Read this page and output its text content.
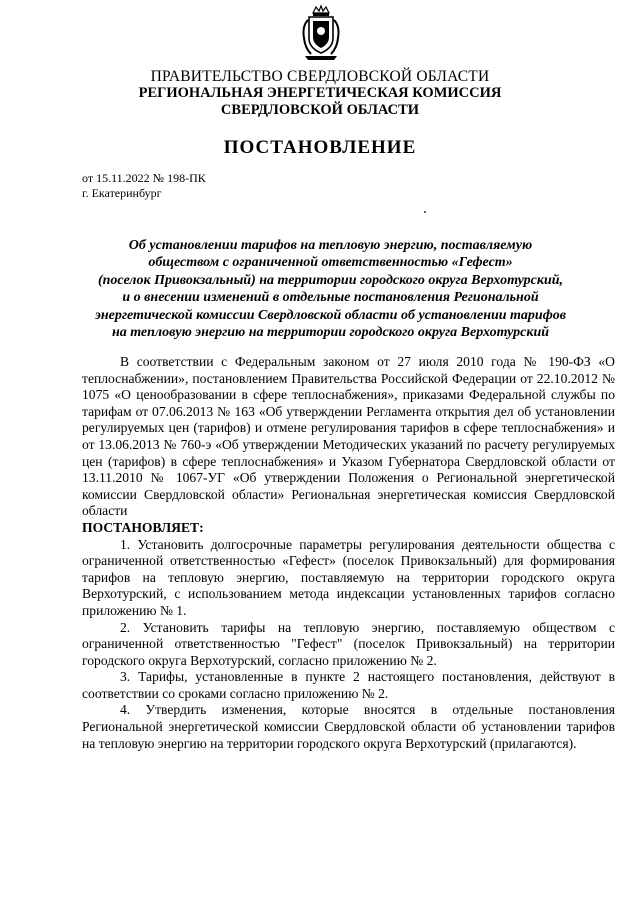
ПРАВИТЕЛЬСТВО СВЕРДЛОВСКОЙ ОБЛАСТИ
РЕГИОНАЛЬНАЯ ЭНЕРГЕТИЧЕСКАЯ КОМИССИЯ
СВЕРДЛОВСКОЙ ОБЛАСТИ
ПОСТАНОВЛЕНИЕ
от 15.11.2022 № 198-ПК
г. Екатеринбург
Об установлении тарифов на тепловую энергию, поставляемую
обществом с ограниченной ответственностью «Гефест»
(поселок Привокзальный) на территории городского округа Верхотурский,
и о внесении изменений в отдельные постановления Региональной
энергетической комиссии Свердловской области об установлении тарифов
на тепловую энергию на территории городского округа Верхотурский

В соответствии с Федеральным законом от 27 июля 2010 года № 190-ФЗ «О теплоснабжении», постановлением Правительства Российской Федерации от 22.10.2012 № 1075 «О ценообразовании в сфере теплоснабжения», приказами Федеральной службы по тарифам от 07.06.2013 № 163 «Об утверждении Регламента открытия дел об установлении регулируемых цен (тарифов) и отмене регулирования тарифов в сфере теплоснабжения» и от 13.06.2013 № 760-э «Об утверждении Методических указаний по расчету регулируемых цен (тарифов) в сфере теплоснабжения» и Указом Губернатора Свердловской области от 13.11.2010 № 1067-УГ «Об утверждении Положения о Региональной энергетической комиссии Свердловской области» Региональная энергетическая комиссия Свердловской области

ПОСТАНОВЛЯЕТ:

1. Установить долгосрочные параметры регулирования деятельности общества с ограниченной ответственностью «Гефест» (поселок Привокзальный) для формирования тарифов на тепловую энергию, поставляемую на территории городского округа Верхотурский, с использованием метода индексации установленных тарифов согласно приложению № 1.

2. Установить тарифы на тепловую энергию, поставляемую обществом с ограниченной ответственностью "Гефест" (поселок Привокзальный) на территории городского округа Верхотурский, согласно приложению № 2.

3. Тарифы, установленные в пункте 2 настоящего постановления, действуют в соответствии со сроками согласно приложению № 2.

4. Утвердить изменения, которые вносятся в отдельные постановления Региональной энергетической комиссии Свердловской области об установлении тарифов на тепловую энергию на территории городского округа Верхотурский (прилагаются).
